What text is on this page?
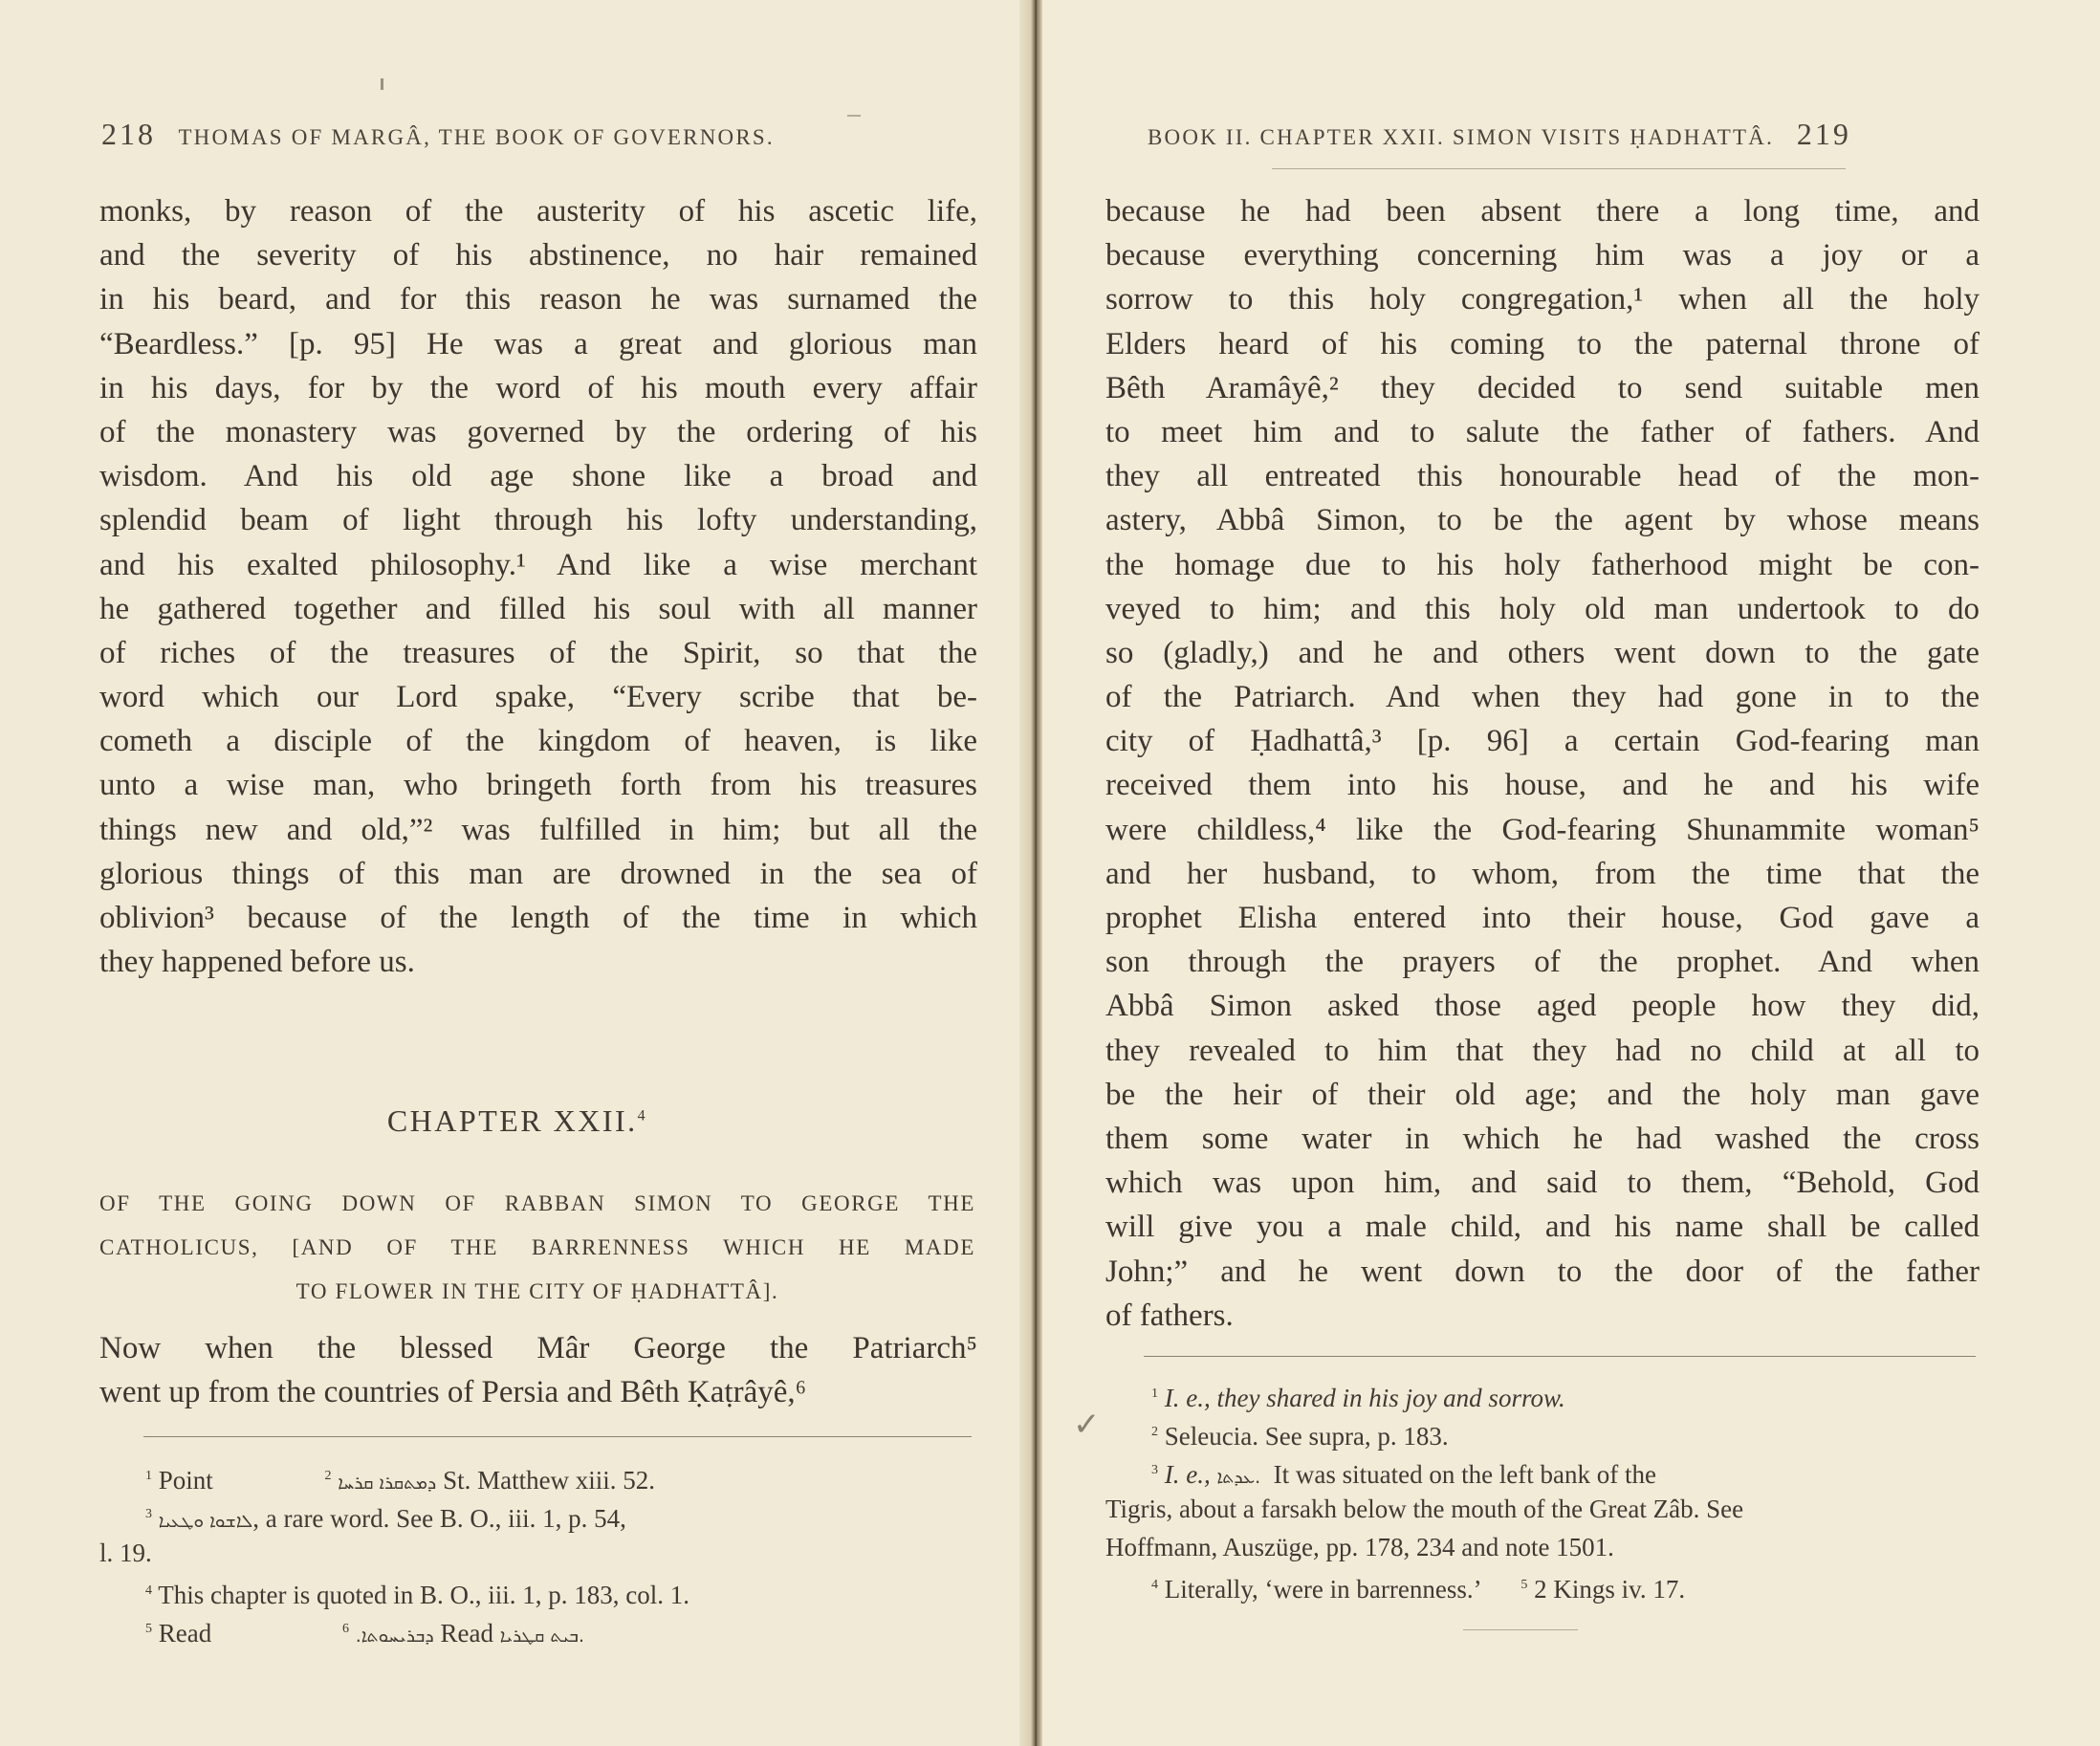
218 THOMAS OF MARGÂ, THE BOOK OF GOVERNORS.
monks, by reason of the austerity of his ascetic life,
and the severity of his abstinence, no hair remained
in his beard, and for this reason he was surnamed the
“Beardless.” [p. 95] He was a great and glorious man
in his days, for by the word of his mouth every affair
of the monastery was governed by the ordering of his
wisdom. And his old age shone like a broad and
splendid beam of light through his lofty understanding,
and his exalted philosophy.¹ And like a wise merchant
he gathered together and filled his soul with all manner
of riches of the treasures of the Spirit, so that the
word which our Lord spake, “Every scribe that be-
cometh a disciple of the kingdom of heaven, is like
unto a wise man, who bringeth forth from his treasures
things new and old,”² was fulfilled in him; but all the
glorious things of this man are drowned in the sea of
oblivion³ because of the length of the time in which
they happened before us.
CHAPTER XXII.$^4$
OF THE GOING DOWN OF RABBAN SIMON TO GEORGE THE
CATHOLICUS, [AND OF THE BARRENNESS WHICH HE MADE
TO FLOWER IN THE CITY OF ḤADHATTÂ].
Now when the blessed Mâr George the Patriarch⁵
went up from the countries of Persia and Bêth Ḳaṭrâyê,⁶
$^1$ Point	ܕܡܬܩܪܐ ܩܪܚܐ $^2$	St. Matthew xiii. 52.
$^3$ ܠܐܫܘܐ ܘܛܥܝܐ, a rare word. See B. O., iii. 1, p. 54,
l. 19.
$^4$ This chapter is quoted in B. O., iii. 1, p. 183, col. 1.
$^5$ Read	ܕܒܪܝܚܘܬܐ. $^6$	Read ܒܝܬ ܩܛܪܝܐ.
BOOK II. CHAPTER XXII. SIMON VISITS ḤADHATTÂ. 219
because he had been absent there a long time, and
because everything concerning him was a joy or a
sorrow to this holy congregation,¹ when all the holy
Elders heard of his coming to the paternal throne of
Bêth Aramâyê,² they decided to send suitable men
to meet him and to salute the father of fathers. And
they all entreated this honourable head of the mon-
astery, Abbâ Simon, to be the agent by whose means
the homage due to his holy fatherhood might be con-
veyed to him; and this holy old man undertook to do
so (gladly,) and he and others went down to the gate
of the Patriarch. And when they had gone in to the
city of Ḥadhattâ,³ [p. 96] a certain God-fearing man
received them into his house, and he and his wife
were childless,⁴ like the God-fearing Shunammite woman⁵
and her husband, to whom, from the time that the
prophet Elisha entered into their house, God gave a
son through the prayers of the prophet. And when
Abbâ Simon asked those aged people how they did,
they revealed to him that they had no child at all to
be the heir of their old age; and the holy man gave
them some water in which he had washed the cross
which was upon him, and said to them, “Behold, God
will give you a male child, and his name shall be called
John;” and he went down to the door of the father
of fathers.
$^1$ I. e., they shared in his joy and sorrow.
$^2$ Seleucia. See supra, p. 183.
$^3$ I. e., ܥܕܬܐ. It was situated on the left bank of the
Tigris, about a farsakh below the mouth of the Great Zâb. See
Hoffmann, Auszüge, pp. 178, 234 and note 1501.
$^4$ Literally, ‘were in barrenness.’	$^5$ 2 Kings iv. 17.
✓
